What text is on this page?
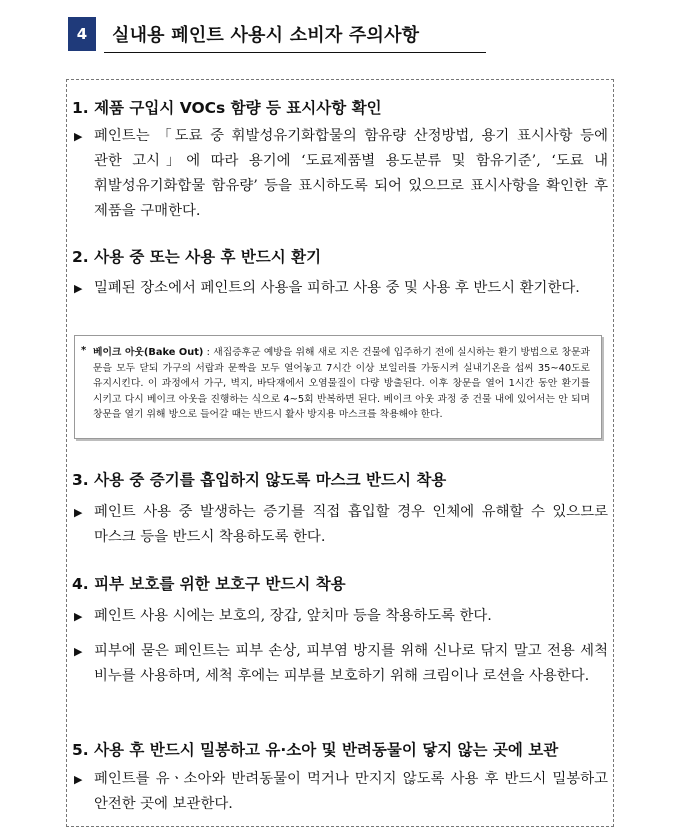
4	실내용 페인트 사용시 소비자 주의사항
1. 제품 구입시 VOCs 함량 등 표시사항 확인
▶ 페인트는 「도료 중 휘발성유기화합물의 함유량 산정방법, 용기 표시사항 등에 관한 고시」에 따라 용기에 ‘도료제품별 용도분류 및 함유기준’, ‘도료 내 휘발성유기화합물 함유량’ 등을 표시하도록 되어 있으므로 표시사항을 확인한 후 제품을 구매한다.
2. 사용 중 또는 사용 후 반드시 환기
▶ 밀폐된 장소에서 페인트의 사용을 피하고 사용 중 및 사용 후 반드시 환기한다.
* 베이크 아웃(Bake Out) : 새집증후군 예방을 위해 새로 지은 건물에 입주하기 전에 실시하는 환기 방법으로 창문과 문을 모두 닫되 가구의 서랍과 문짝을 모두 열어놓고 7시간 이상 보일러를 가동시켜 실내기온을 섭씨 35~40도로 유지시킨다. 이 과정에서 가구, 벽지, 바닥재에서 오염물질이 다량 방출된다. 이후 창문을 열어 1시간 동안 환기를 시키고 다시 베이크 아웃을 진행하는 식으로 4~5회 반복하면 된다. 베이크 아웃 과정 중 건물 내에 있어서는 안 되며 창문을 열기 위해 방으로 들어갈 때는 반드시 활사 방지용 마스크를 착용해야 한다.
3. 사용 중 증기를 흡입하지 않도록 마스크 반드시 착용
▶ 페인트 사용 중 발생하는 증기를 직접 흡입할 경우 인체에 유해할 수 있으므로 마스크 등을 반드시 착용하도록 한다.
4. 피부 보호를 위한 보호구 반드시 착용
▶ 페인트 사용 시에는 보호의, 장갑, 앞치마 등을 착용하도록 한다.
▶ 피부에 묻은 페인트는 피부 손상, 피부염 방지를 위해 신나로 닦지 말고 전용 세척 비누를 사용하며, 세척 후에는 피부를 보호하기 위해 크림이나 로션을 사용한다.
5. 사용 후 반드시 밀봉하고 유·소아 및 반려동물이 닿지 않는 곳에 보관
▶ 페인트를 유ㆍ소아와 반려동물이 먹거나 만지지 않도록 사용 후 반드시 밀봉하고 안전한 곳에 보관한다.
